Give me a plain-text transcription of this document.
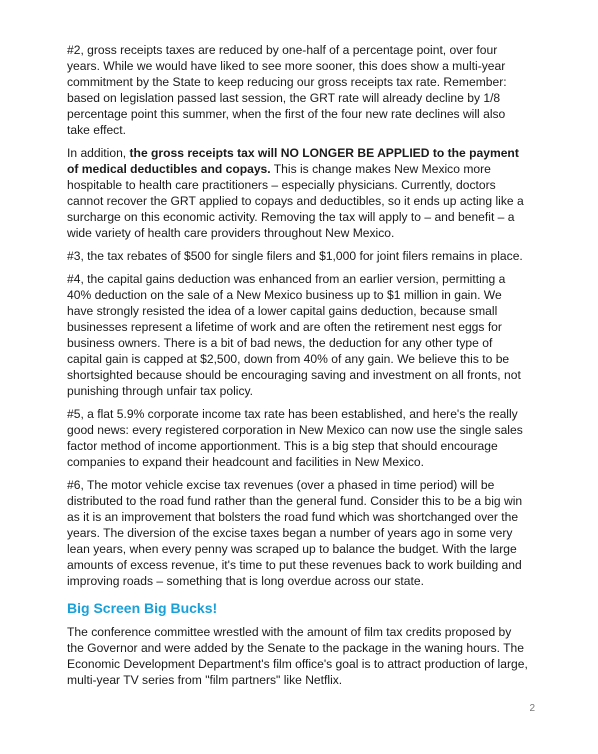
#2, gross receipts taxes are reduced by one-half of a percentage point, over four years. While we would have liked to see more sooner, this does show a multi-year commitment by the State to keep reducing our gross receipts tax rate. Remember: based on legislation passed last session, the GRT rate will already decline by 1/8 percentage point this summer, when the first of the four new rate declines will also take effect.

In addition, the gross receipts tax will NO LONGER BE APPLIED to the payment of medical deductibles and copays. This is change makes New Mexico more hospitable to health care practitioners – especially physicians. Currently, doctors cannot recover the GRT applied to copays and deductibles, so it ends up acting like a surcharge on this economic activity. Removing the tax will apply to – and benefit – a wide variety of health care providers throughout New Mexico.

#3, the tax rebates of $500 for single filers and $1,000 for joint filers remains in place.

#4, the capital gains deduction was enhanced from an earlier version, permitting a 40% deduction on the sale of a New Mexico business up to $1 million in gain. We have strongly resisted the idea of a lower capital gains deduction, because small businesses represent a lifetime of work and are often the retirement nest eggs for business owners. There is a bit of bad news, the deduction for any other type of capital gain is capped at $2,500, down from 40% of any gain. We believe this to be shortsighted because should be encouraging saving and investment on all fronts, not punishing through unfair tax policy.

#5, a flat 5.9% corporate income tax rate has been established, and here's the really good news: every registered corporation in New Mexico can now use the single sales factor method of income apportionment. This is a big step that should encourage companies to expand their headcount and facilities in New Mexico.

#6, The motor vehicle excise tax revenues (over a phased in time period) will be distributed to the road fund rather than the general fund. Consider this to be a big win as it is an improvement that bolsters the road fund which was shortchanged over the years. The diversion of the excise taxes began a number of years ago in some very lean years, when every penny was scraped up to balance the budget. With the large amounts of excess revenue, it's time to put these revenues back to work building and improving roads – something that is long overdue across our state.

Big Screen Big Bucks!

The conference committee wrestled with the amount of film tax credits proposed by the Governor and were added by the Senate to the package in the waning hours. The Economic Development Department's film office's goal is to attract production of large, multi-year TV series from "film partners" like Netflix.

2
